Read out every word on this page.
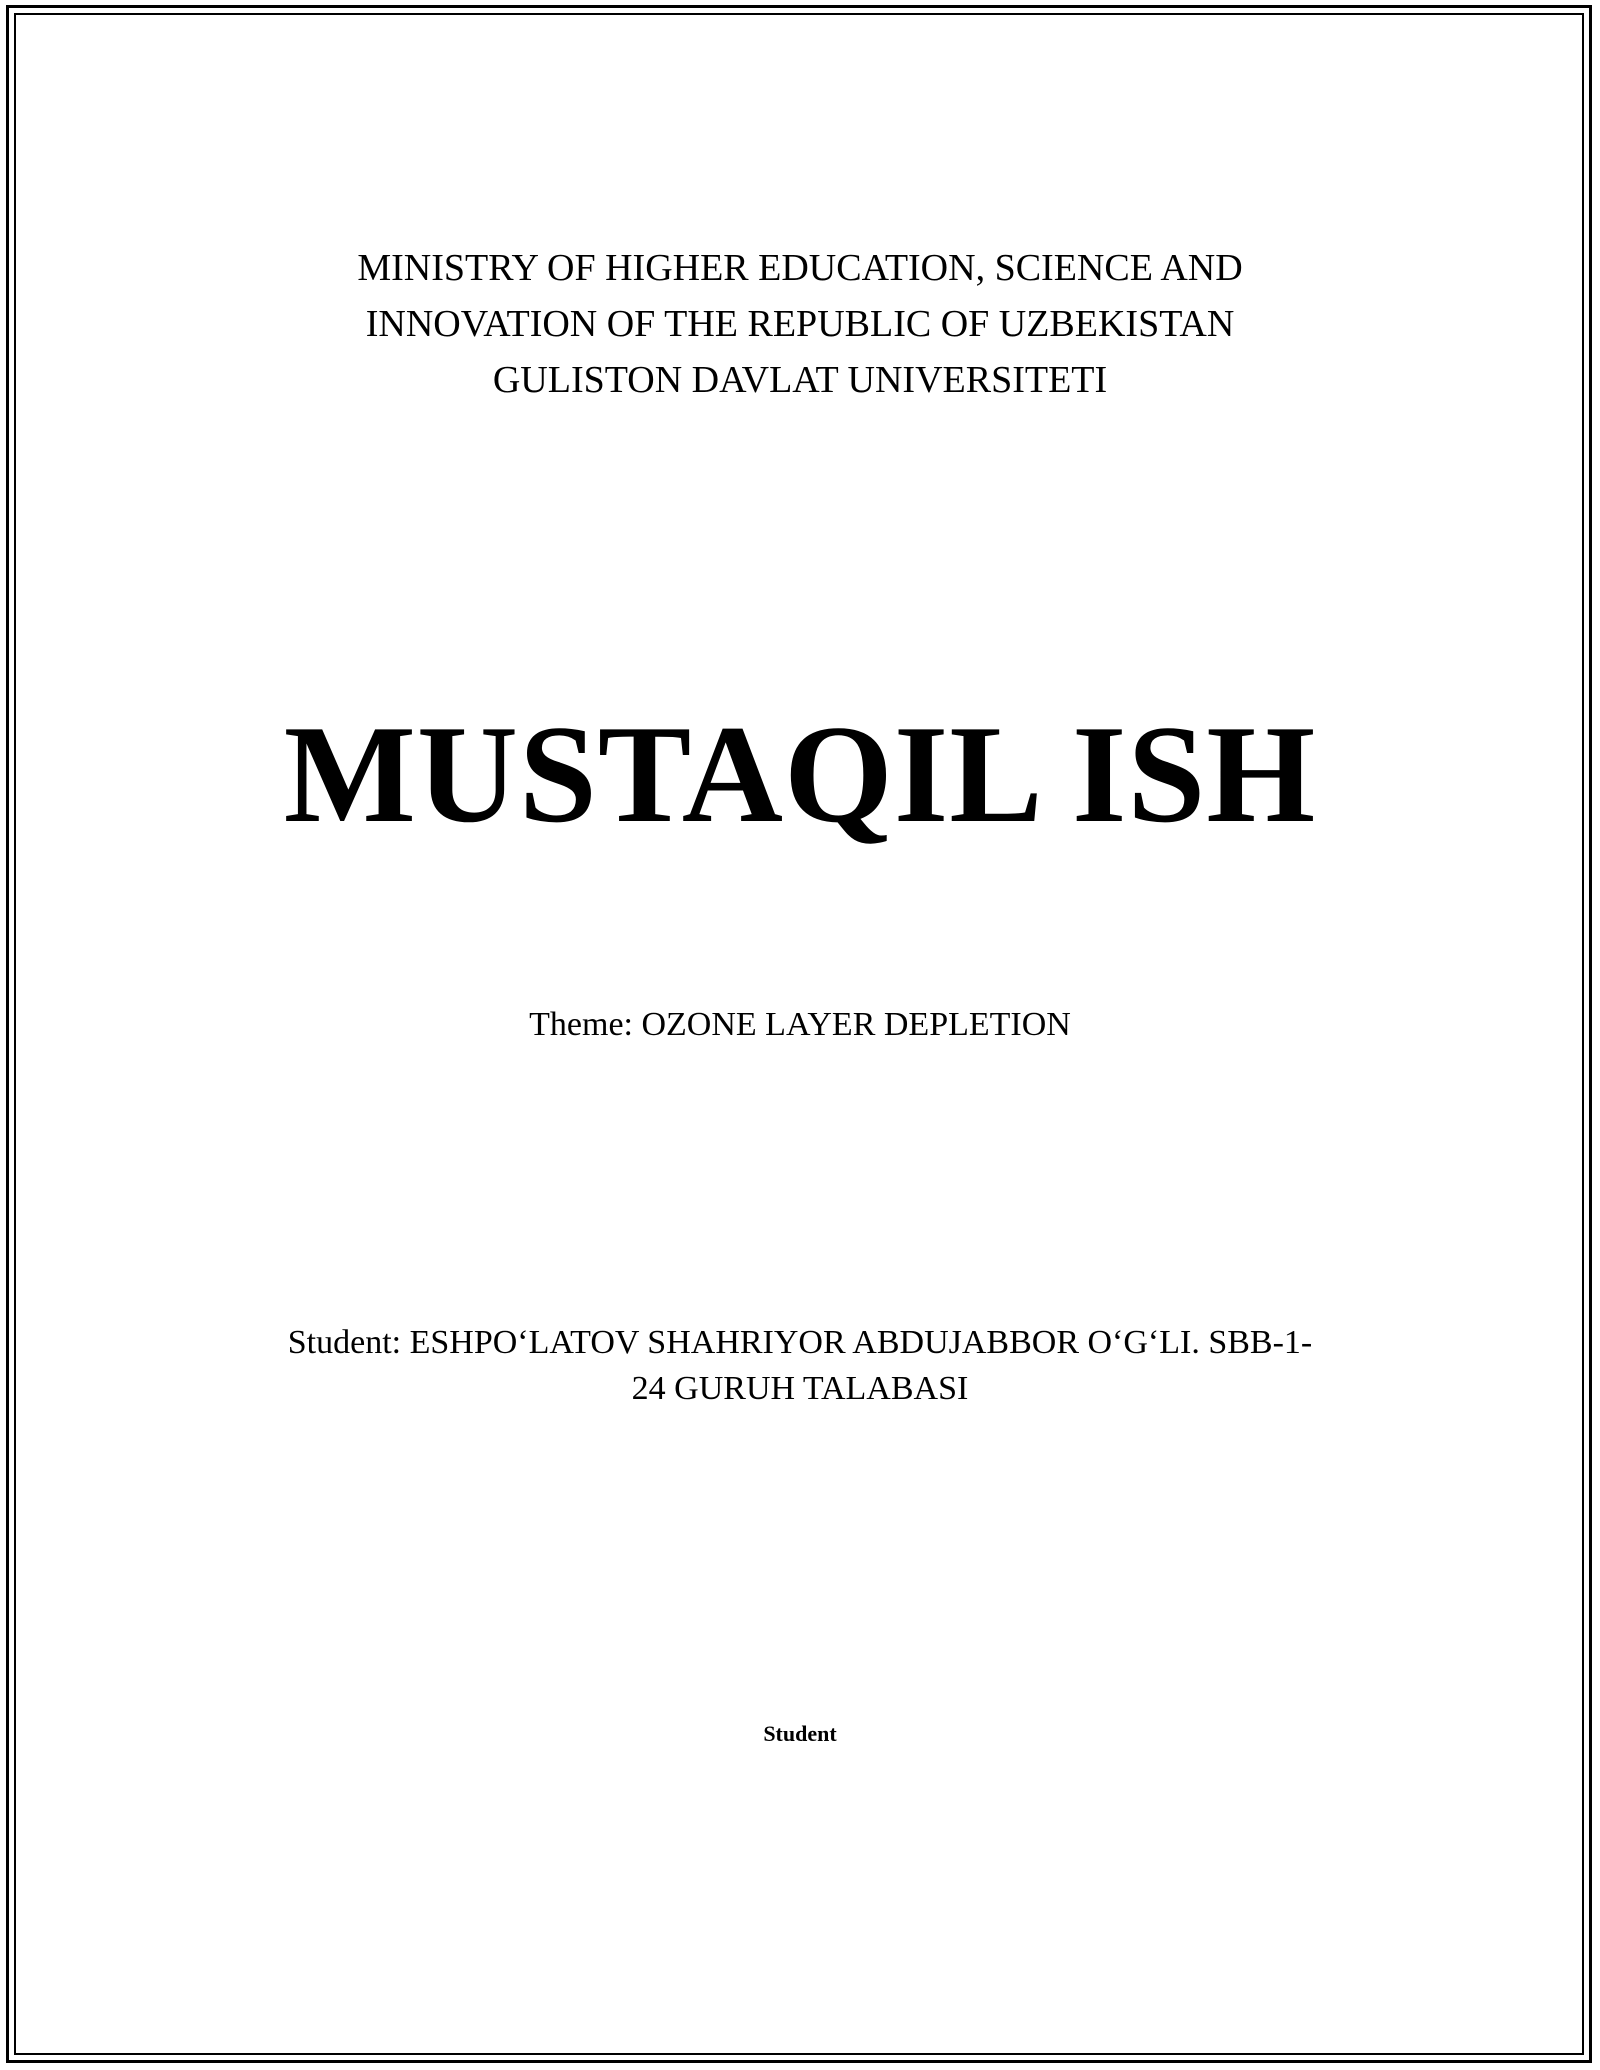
MINISTRY OF HIGHER EDUCATION, SCIENCE AND
INNOVATION OF THE REPUBLIC OF UZBEKISTAN
GULISTON DAVLAT UNIVERSITETI
MUSTAQIL ISH
Theme: OZONE LAYER DEPLETION
Student: ESHPO‘LATOV SHAHRIYOR ABDUJABBOR O‘G‘LI. SBB-1-
24 GURUH TALABASI
Student
